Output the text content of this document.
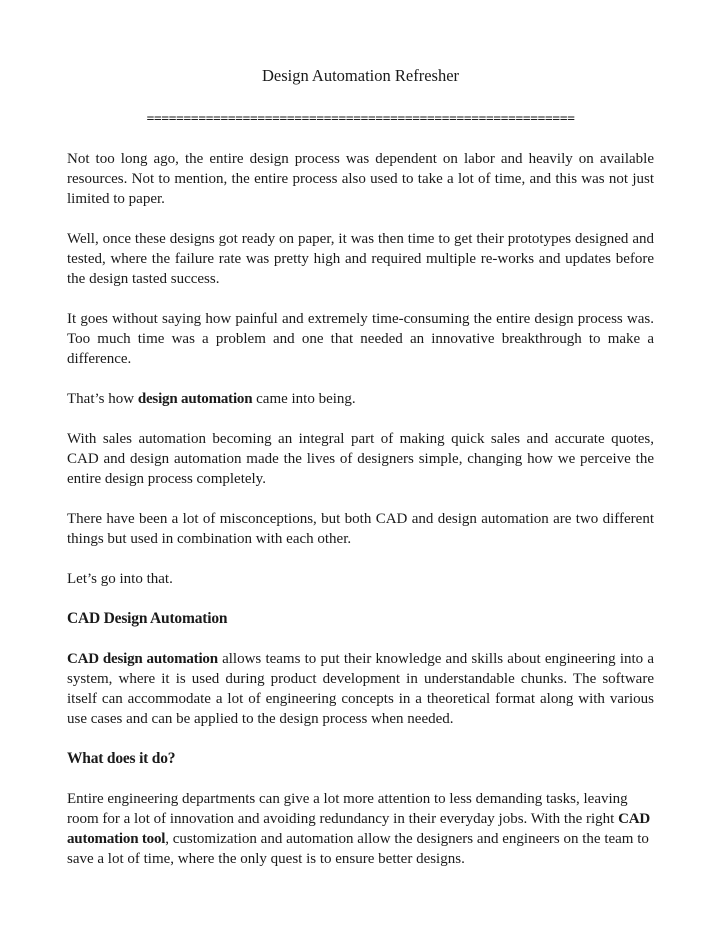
Design Automation Refresher
==========================================================

Not too long ago, the entire design process was dependent on labor and heavily on available resources. Not to mention, the entire process also used to take a lot of time, and this was not just limited to paper.

Well, once these designs got ready on paper, it was then time to get their prototypes designed and tested, where the failure rate was pretty high and required multiple re-works and updates before the design tasted success.

It goes without saying how painful and extremely time-consuming the entire design process was. Too much time was a problem and one that needed an innovative breakthrough to make a difference.

That’s how design automation came into being.

With sales automation becoming an integral part of making quick sales and accurate quotes, CAD and design automation made the lives of designers simple, changing how we perceive the entire design process completely.

There have been a lot of misconceptions, but both CAD and design automation are two different things but used in combination with each other.

Let’s go into that.

CAD Design Automation

CAD design automation allows teams to put their knowledge and skills about engineering into a system, where it is used during product development in understandable chunks. The software itself can accommodate a lot of engineering concepts in a theoretical format along with various use cases and can be applied to the design process when needed.

What does it do?

Entire engineering departments can give a lot more attention to less demanding tasks, leaving room for a lot of innovation and avoiding redundancy in their everyday jobs. With the right CAD automation tool, customization and automation allow the designers and engineers on the team to save a lot of time, where the only quest is to ensure better designs.
